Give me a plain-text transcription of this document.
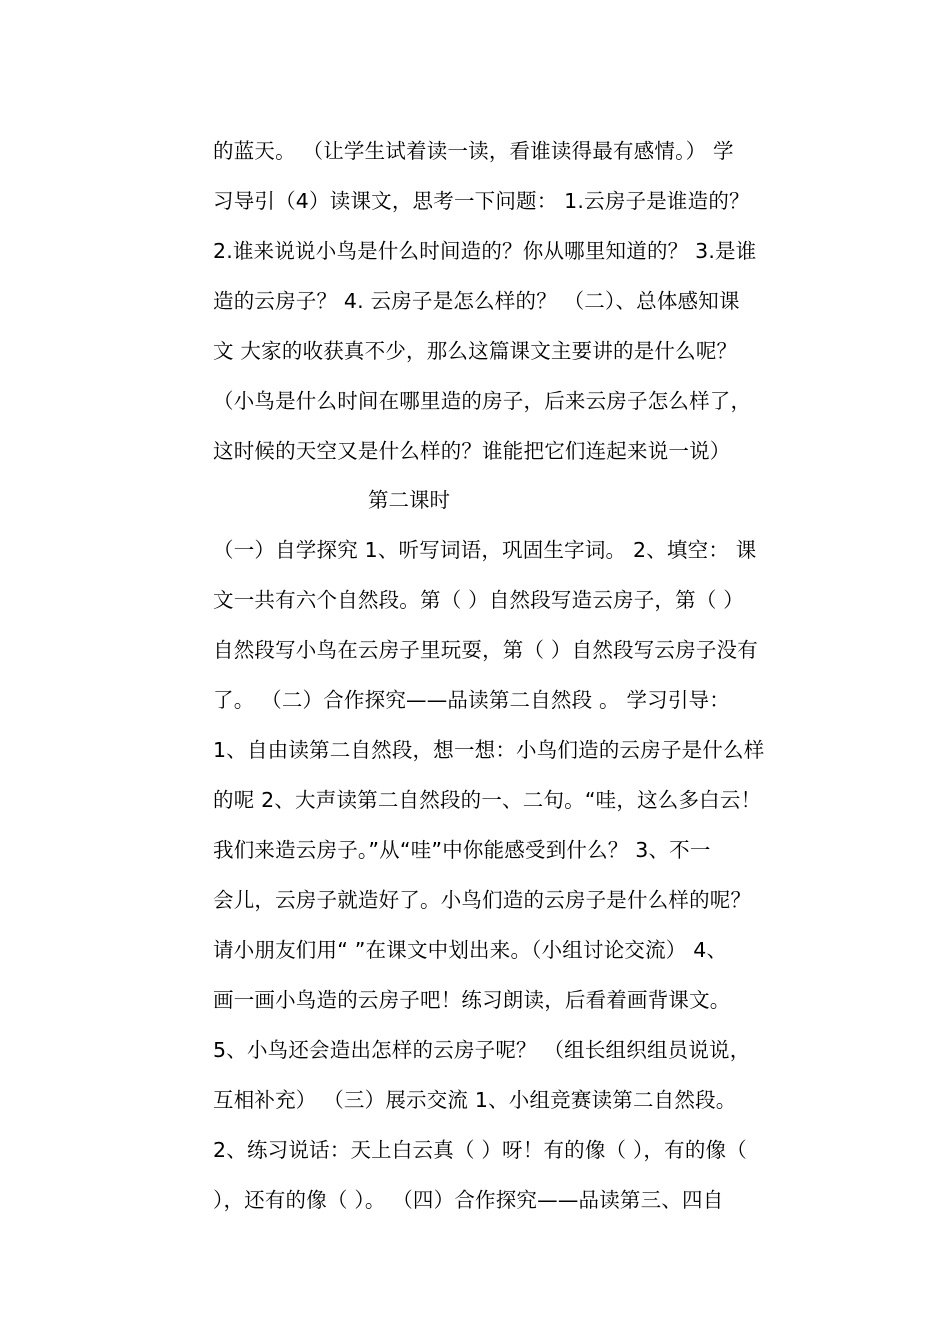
的蓝天。 （让学生试着读一读，看谁读得最有感情。） 学
习导引（4）读课文，思考一下问题： 1.云房子是谁造的？
2.谁来说说小鸟是什么时间造的？你从哪里知道的？ 3.是谁
造的云房子？ 4. 云房子是怎么样的？ （二）、总体感知课
文 大家的收获真不少，那么这篇课文主要讲的是什么呢？
（小鸟是什么时间在哪里造的房子，后来云房子怎么样了，
这时候的天空又是什么样的？谁能把它们连起来说一说）
第二课时
（一）自学探究 1、听写词语，巩固生字词。 2、填空： 课
文一共有六个自然段。第（ ）自然段写造云房子，第（ ）
自然段写小鸟在云房子里玩耍，第（ ）自然段写云房子没有
了。 （二）合作探究——品读第二自然段 。 学习引导：
1、自由读第二自然段，想一想：小鸟们造的云房子是什么样
的呢 2、大声读第二自然段的一、二句。“哇，这么多白云！
我们来造云房子。”从“哇”中你能感受到什么？ 3、不一
会儿，云房子就造好了。小鸟们造的云房子是什么样的呢？
请小朋友们用“ ”在课文中划出来。（小组讨论交流） 4、
画一画小鸟造的云房子吧！练习朗读，后看着画背课文。
5、小鸟还会造出怎样的云房子呢？ （组长组织组员说说，
互相补充） （三）展示交流 1、小组竞赛读第二自然段。
2、练习说话：天上白云真（ ）呀！有的像（ ），有的像（
），还有的像（ ）。 （四）合作探究——品读第三、四自
